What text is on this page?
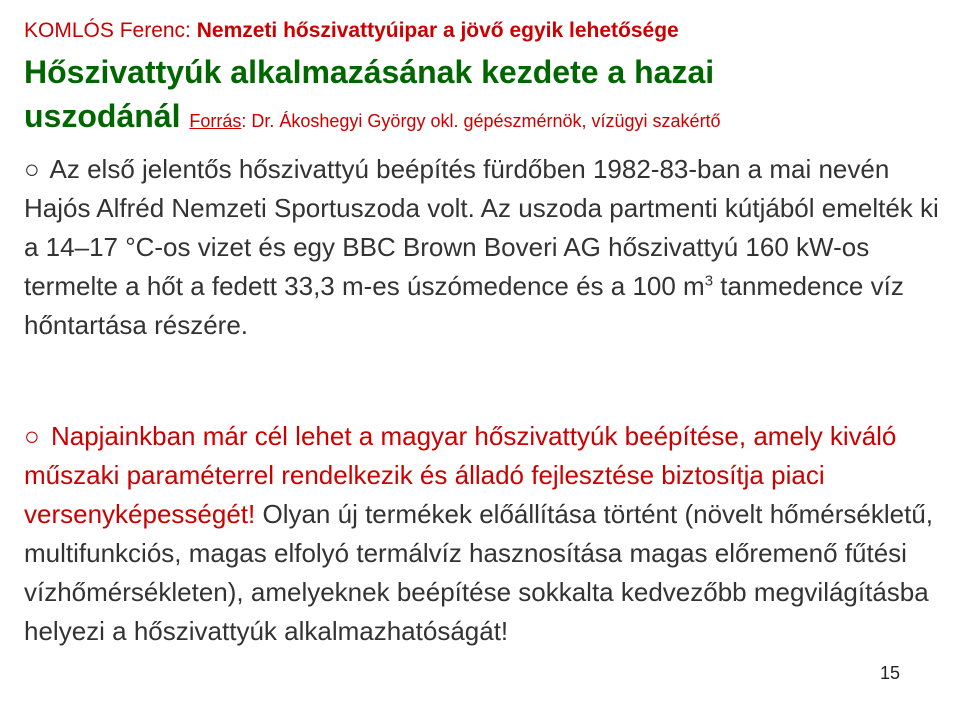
KOMLÓS Ferenc: Nemzeti hőszivattyúipar a jövő egyik lehetősége
Hőszivattyúk alkalmazásának kezdete a hazai
uszodánál Forrás: Dr. Ákoshegyi György okl. gépészmérnök, vízügyi szakértő
○ Az első jelentős hőszivattyú beépítés fürdőben 1982-83-ban a mai nevén Hajós Alfréd Nemzeti Sportuszoda volt. Az uszoda partmenti kútjából emelték ki a 14‒17 °C-os vizet és egy BBC Brown Boveri AG hőszivattyú 160 kW-os termelte a hőt a fedett 33,3 m-es úszómedence és a 100 $m^3$ tanmedence víz hőntartása részére.
○ Napjainkban már cél lehet a magyar hőszivattyúk beépítése, amely kiváló műszaki paraméterrel rendelkezik és álladó fejlesztése biztosítja piaci versenyképességét! Olyan új termékek előállítása történt (növelt hőmérsékletű, multifunkciós, magas elfolyó termálvíz hasznosítása magas előremenő fűtési vízhőmérsékleten), amelyeknek beépítése sokkalta kedvezőbb megvilágításba helyezi a hőszivattyúk alkalmazhatóságát!
15
